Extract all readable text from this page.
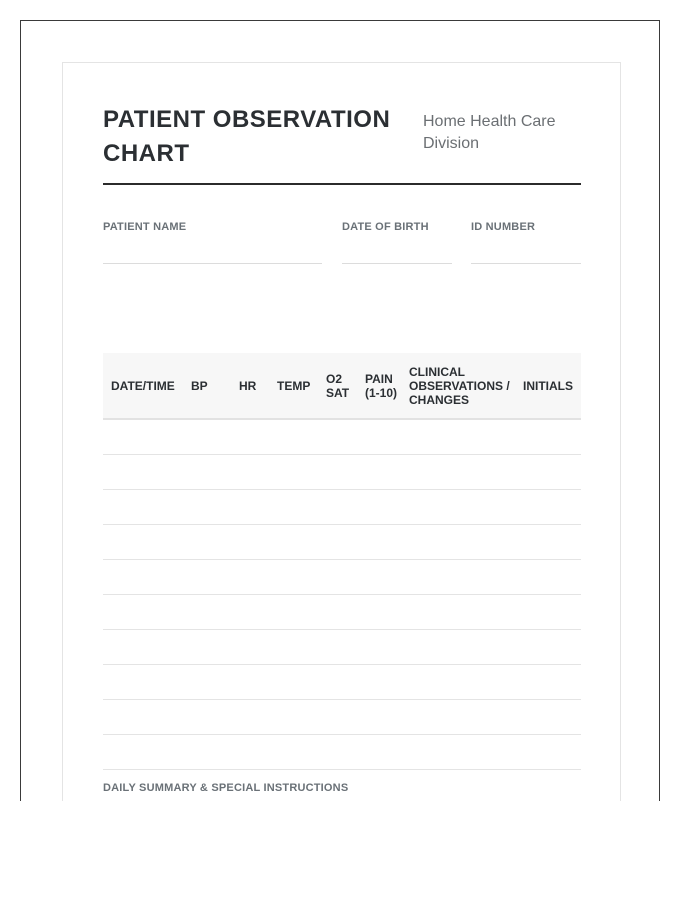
PATIENT OBSERVATION CHART
Home Health Care Division
PATIENT NAME	DATE OF BIRTH	ID NUMBER
DATE/TIME	BP	HR	TEMP	O2 SAT	PAIN (1-10)	CLINICAL OBSERVATIONS / CHANGES	INITIALS

DAILY SUMMARY & SPECIAL INSTRUCTIONS
